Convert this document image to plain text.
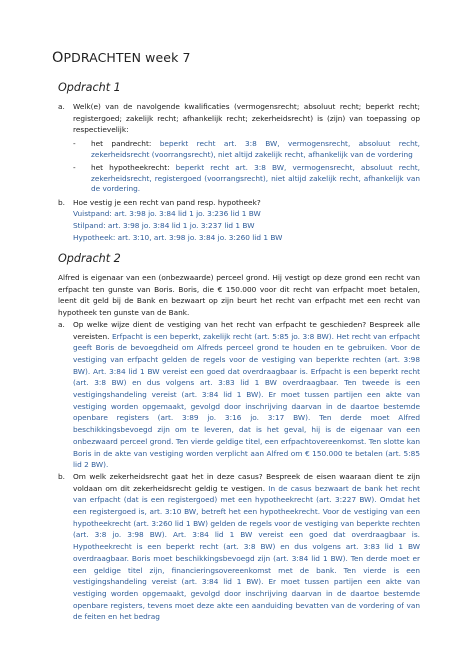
OPDRACHTEN week 7
Opdracht 1
a. Welk(e) van de navolgende kwalificaties (vermogensrecht; absoluut recht; beperkt recht; registergoed; zakelijk recht; afhankelijk recht; zekerheidsrecht) is (zijn) van toepassing op respectievelijk:

- het pandrecht: beperkt recht art. 3:8 BW, vermogensrecht, absoluut recht, zekerheidsrecht (voorrangsrecht), niet altijd zakelijk recht, afhankelijk van de vordering

- het hypotheekrecht: beperkt recht art. 3:8 BW, vermogensrecht, absoluut recht, zekerheidsrecht, registergoed (voorrangsrecht), niet altijd zakelijk recht, afhankelijk van de vordering.

b. Hoe vestig je een recht van pand resp. hypotheek?

Vuistpand: art. 3:98 jo. 3:84 lid 1 jo. 3:236 lid 1 BW

Stilpand: art. 3:98 jo. 3:84 lid 1 jo. 3:237 lid 1 BW

Hypotheek: art. 3:10, art. 3:98 jo. 3:84 jo. 3:260 lid 1 BW

Opdracht 2

Alfred is eigenaar van een (onbezwaarde) perceel grond. Hij vestigt op deze grond een recht van erfpacht ten gunste van Boris. Boris, die € 150.000 voor dit recht van erfpacht moet betalen, leent dit geld bij de Bank en bezwaart op zijn beurt het recht van erfpacht met een recht van hypotheek ten gunste van de Bank.

a. Op welke wijze dient de vestiging van het recht van erfpacht te geschieden? Bespreek alle vereisten. Erfpacht is een beperkt, zakelijk recht (art. 5:85 jo. 3:8 BW). Het recht van erfpacht geeft Boris de bevoegdheid om Alfreds perceel grond te houden en te gebruiken. Voor de vestiging van erfpacht gelden de regels voor de vestiging van beperkte rechten (art. 3:98 BW). Art. 3:84 lid 1 BW vereist een goed dat overdraagbaar is. Erfpacht is een beperkt recht (art. 3:8 BW) en dus volgens art. 3:83 lid 1 BW overdraagbaar. Ten tweede is een vestigingshandeling vereist (art. 3:84 lid 1 BW). Er moet tussen partijen een akte van vestiging worden opgemaakt, gevolgd door inschrijving daarvan in de daartoe bestemde openbare registers (art. 3:89 jo. 3:16 jo. 3:17 BW). Ten derde moet Alfred beschikkingsbevoegd zijn om te leveren, dat is het geval, hij is de eigenaar van een onbezwaard perceel grond. Ten vierde geldige titel, een erfpachtovereenkomst. Ten slotte kan Boris in de akte van vestiging worden verplicht aan Alfred om € 150.000 te betalen (art. 5:85 lid 2 BW).

b. Om welk zekerheidsrecht gaat het in deze casus? Bespreek de eisen waaraan dient te zijn voldaan om dit zekerheidsrecht geldig te vestigen. In de casus bezwaart de bank het recht van erfpacht (dat is een registergoed) met een hypotheekrecht (art. 3:227 BW). Omdat het een registergoed is, art. 3:10 BW, betreft het een hypotheekrecht. Voor de vestiging van een hypotheekrecht (art. 3:260 lid 1 BW) gelden de regels voor de vestiging van beperkte rechten (art. 3:8 jo. 3:98 BW). Art. 3:84 lid 1 BW vereist een goed dat overdraagbaar is. Hypotheekrecht is een beperkt recht (art. 3:8 BW) en dus volgens art. 3:83 lid 1 BW overdraagbaar. Boris moet beschikkingsbevoegd zijn (art. 3:84 lid 1 BW). Ten derde moet er een geldige titel zijn, financieringsovereenkomst met de bank. Ten vierde is een vestigingshandeling vereist (art. 3:84 lid 1 BW). Er moet tussen partijen een akte van vestiging worden opgemaakt, gevolgd door inschrijving daarvan in de daartoe bestemde openbare registers, tevens moet deze akte een aanduiding bevatten van de vordering of van de feiten en het bedrag
